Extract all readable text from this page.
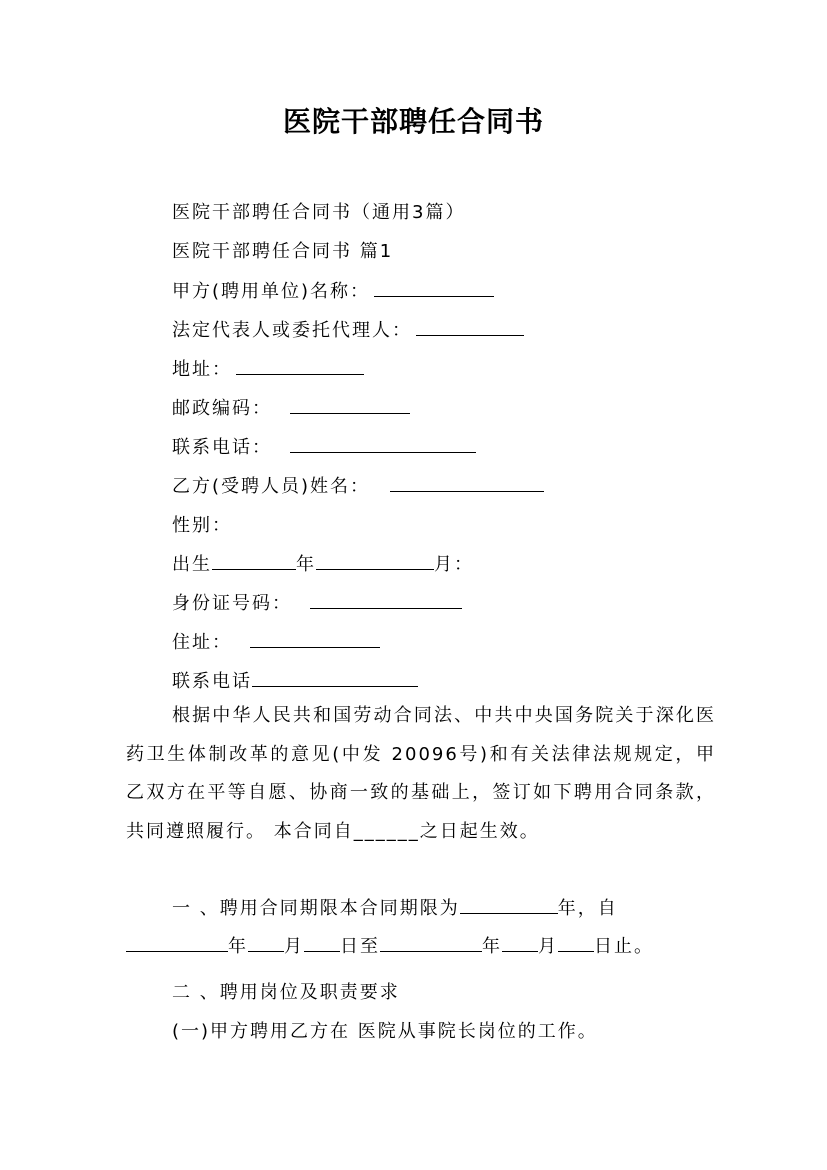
医院干部聘任合同书
医院干部聘任合同书（通用3篇）
医院干部聘任合同书 篇1
甲方(聘用单位)名称：
法定代表人或委托代理人：
地址：
邮政编码：
联系电话：
乙方(受聘人员)姓名：
性别：
出生	年	月：
身份证号码：
住址：
联系电话
根据中华人民共和国劳动合同法、中共中央国务院关于深化医药卫生体制改革的意见(中发 20096号)和有关法律法规规定，甲乙双方在平等自愿、协商一致的基础上，签订如下聘用合同条款，共同遵照履行。 本合同自______之日起生效。
一 、聘用合同期限本合同期限为	年，自
年 月 日至	年 月 日止。
二 、聘用岗位及职责要求
(一)甲方聘用乙方在 医院从事院长岗位的工作。
